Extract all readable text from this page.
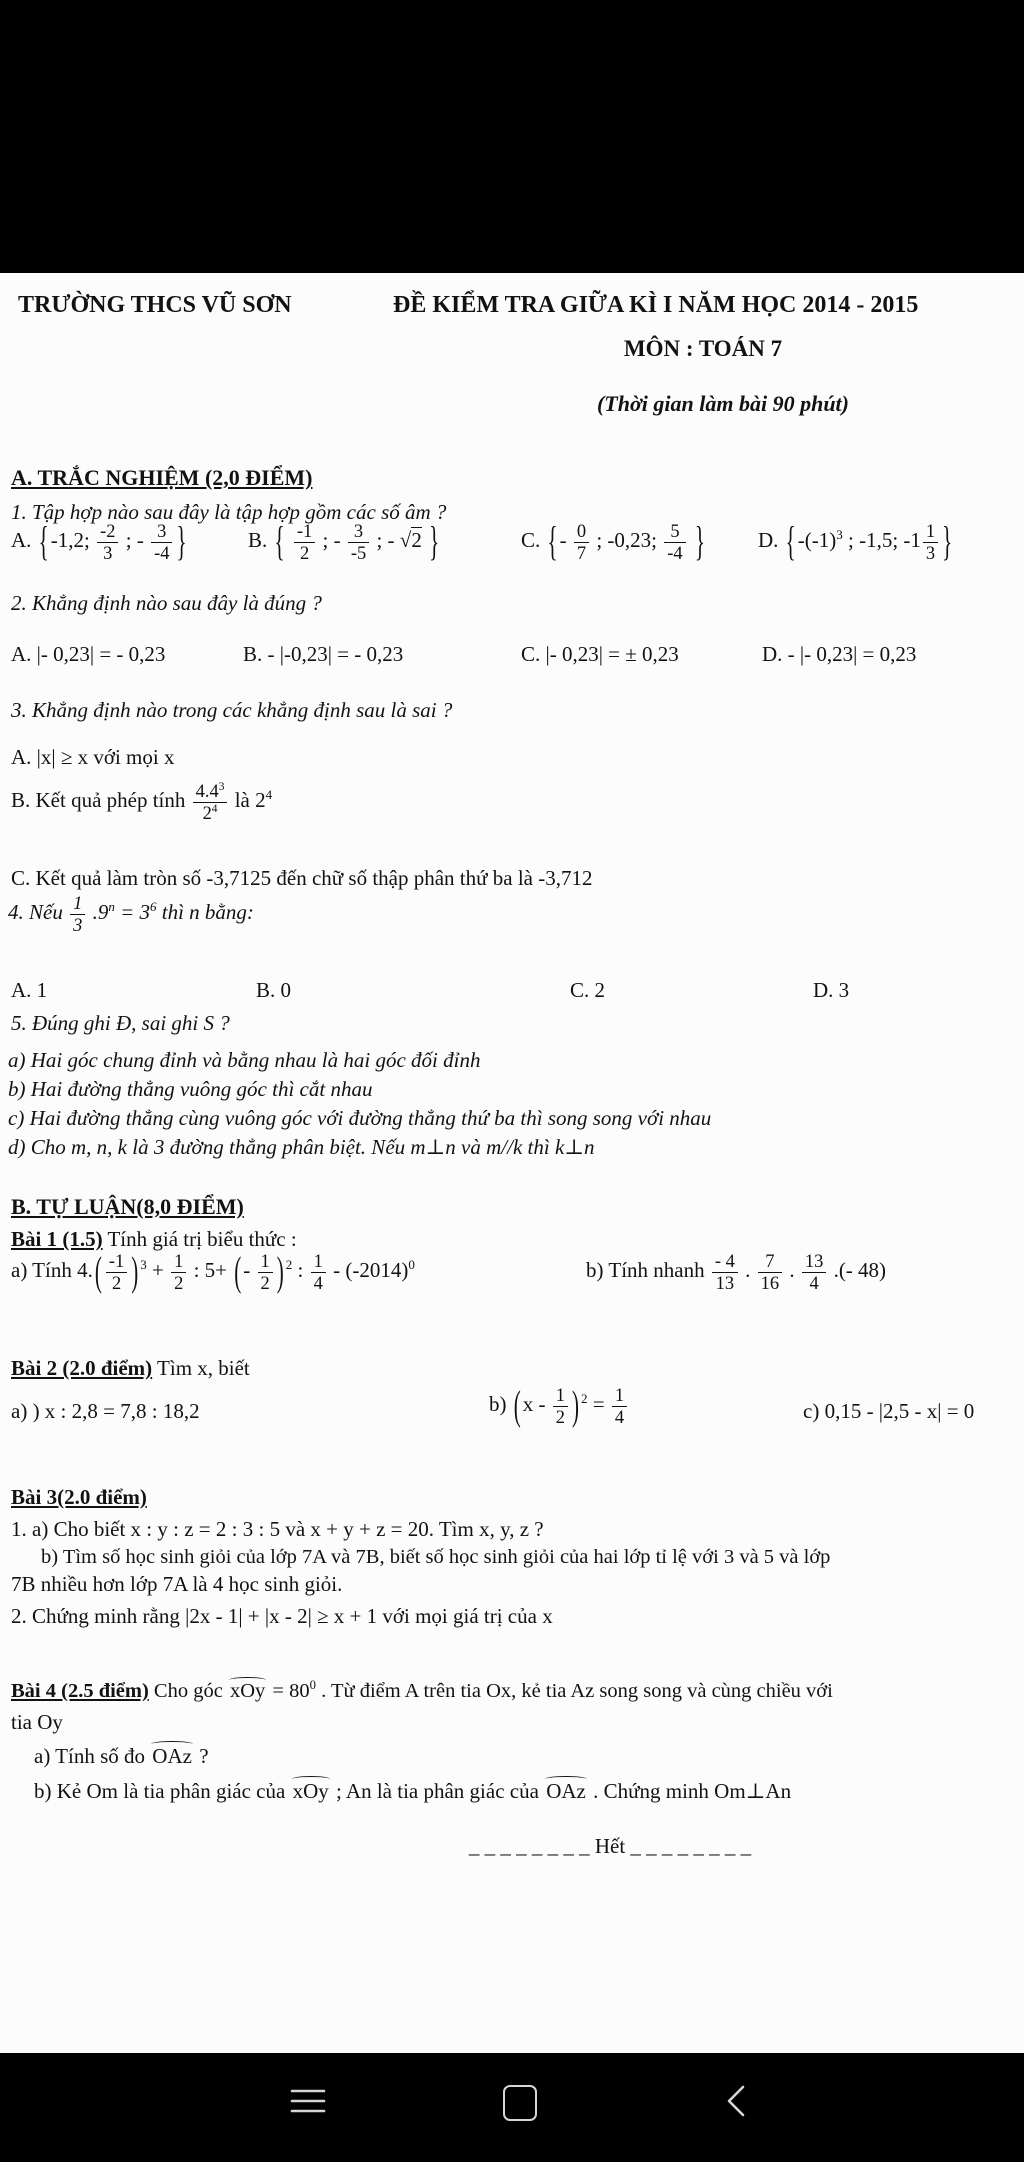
TRƯỜNG THCS VŨ SƠN	ĐỀ KIỂM TRA GIỮA KÌ I NĂM HỌC 2014 - 2015
MÔN : TOÁN 7
(Thời gian làm bài 90 phút)
A. TRẮC NGHIỆM (2,0 ĐIỂM)
1. Tập hợp nào sau đây là tập hợp gồm các số âm ?
A. {-1,2; $\frac{-2}{3}$ ; - $\frac{3}{-4}$ }	B. { $\frac{-1}{2}$ ; - $\frac{3}{-5}$ ; - √2 }	C. {- $\frac{0}{7}$ ; -0,23; $\frac{5}{-4}$ }	D. {$-(-1)^3$ ; -1,5; $-1 \frac{1}{3}$ }
2. Khẳng định nào sau đây là đúng ?
A. |- 0,23| = - 0,23	B. - |-0,23| = - 0,23	C. |- 0,23| = ± 0,23	D. - |- 0,23| = 0,23
3. Khẳng định nào trong các khẳng định sau là sai ?
A. |x| ≥ x với mọi x
B. Kết quả phép tính $\frac{4.4^3}{2^4}$ là $2^4$
C. Kết quả làm tròn số -3,7125 đến chữ số thập phân thứ ba là -3,712
4. Nếu $\frac{1}{3} .9^n = 3^6$ thì n bằng:
A. 1	B. 0	C. 2	D. 3
5. Đúng ghi Đ, sai ghi S ?
a) Hai góc chung đỉnh và bằng nhau là hai góc đối đỉnh
b) Hai đường thẳng vuông góc thì cắt nhau
c) Hai đường thẳng cùng vuông góc với đường thẳng thứ ba thì song song với nhau
d) Cho m, n, k là 3 đường thẳng phân biệt. Nếu m⊥n và m//k thì k⊥n
B. TỰ LUẬN(8,0 ĐIỂM)
Bài 1 (1.5) Tính giá trị biểu thức :
a) Tính $4.( \frac{-1}{2}$ ) $^3 + \frac{1}{2}$ : 5+ (- $\frac{1}{2}$ ) $^2$ : $\frac{1}{4} - (-2014)^0$	b) Tính nhanh $\frac{- 4}{13}$ . $\frac{7}{16}$ . $\frac{13}{4}$ .(- 48)
Bài 2 (2.0 điểm) Tìm x, biết
a) ) x : 2,8 = 7,8 : 18,2	b) ($x - \frac{1}{2}$ ) $^2 = \frac{1}{4}$	c) 0,15 - |2,5 - x| = 0
Bài 3(2.0 điểm)
1. a) Cho biết x : y : z = 2 : 3 : 5 và x + y + z = 20. Tìm x, y, z ?
b) Tìm số học sinh giỏi của lớp 7A và 7B, biết số học sinh giỏi của hai lớp tỉ lệ với 3 và 5 và lớp
7B nhiều hơn lớp 7A là 4 học sinh giỏi.
2. Chứng minh rằng |2x - 1| + |x - 2| ≥ x + 1 với mọi giá trị của x
Bài 4 (2.5 điểm) Cho góc xOy = $80^0$ . Từ điểm A trên tia Ox, kẻ tia Az song song và cùng chiều với
tia Oy
a) Tính số đo OAz ?
b) Kẻ Om là tia phân giác của xOy ; An là tia phân giác của OAz . Chứng minh Om⊥An
_ _ _ _ _ _ _ _ Hết _ _ _ _ _ _ _ _
